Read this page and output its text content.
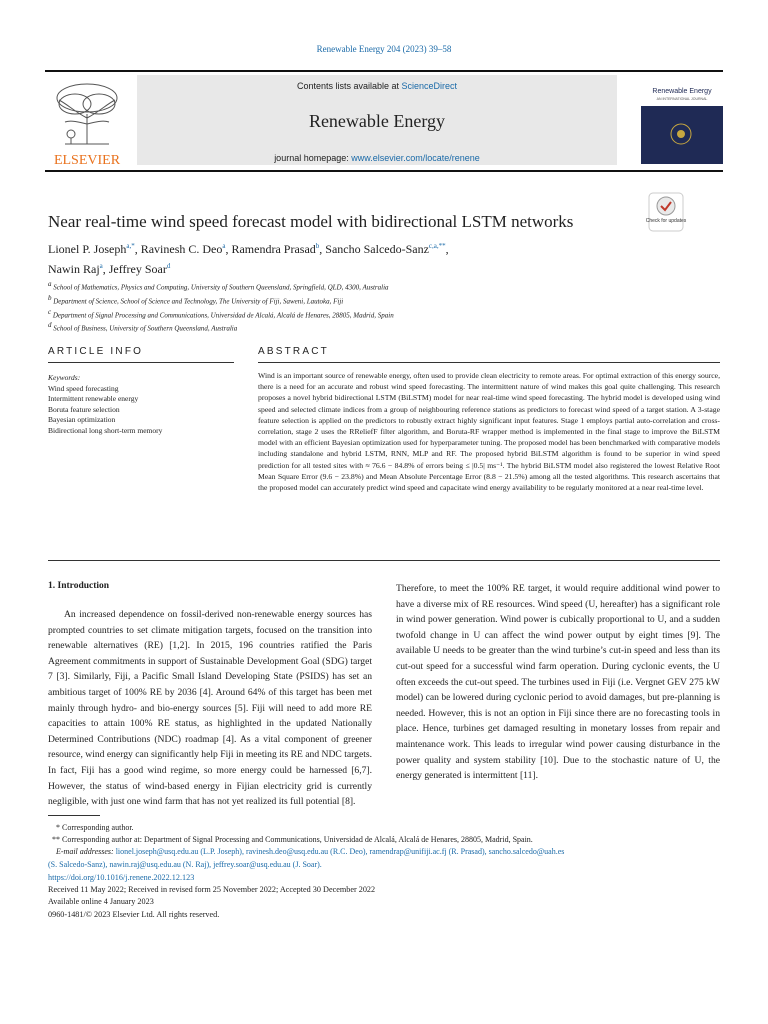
Renewable Energy 204 (2023) 39–58
ELSEVIER
Contents lists available at ScienceDirect
Renewable Energy
journal homepage: www.elsevier.com/locate/renene
Renewable Energy
AN INTERNATIONAL JOURNAL
Check for updates
Near real-time wind speed forecast model with bidirectional LSTM networks
Lionel P. Joseph$^{a,*}$, Ravinesh C. Deo$^a$, Ramendra Prasad$^b$, Sancho Salcedo-Sanz$^{c,a,**}$,
Nawin Raj$^a$, Jeffrey Soar$^d$
$^a$ School of Mathematics, Physics and Computing, University of Southern Queensland, Springfield, QLD, 4300, Australia
$^b$ Department of Science, School of Science and Technology, The University of Fiji, Saweni, Lautoka, Fiji
$^c$ Department of Signal Processing and Communications, Universidad de Alcalá, Alcalá de Henares, 28805, Madrid, Spain
$^d$ School of Business, University of Southern Queensland, Australia
ARTICLE INFO	ABSTRACT
Keywords:
Wind speed forecasting
Intermittent renewable energy
Boruta feature selection
Bayesian optimization
Bidirectional long short-term memory
Wind is an important source of renewable energy, often used to provide clean electricity to remote areas. For optimal extraction of this energy source, there is a need for an accurate and robust wind speed forecasting. The intermittent nature of wind makes this goal quite challenging. This research proposes a novel hybrid bidirectional LSTM (BiLSTM) model for near real-time wind speed forecasting. The hybrid model is developed using wind speed and selected climate indices from a group of neighbouring reference stations as predictors to forecast wind speed of a target station. A 3-stage feature selection is applied on the predictors to robustly extract highly significant input features. Stage 1 employs partial auto-correlation and cross-correlation, stage 2 uses the RReliefF filter algorithm, and Boruta-RF wrapper method is implemented in the final stage to improve the BiLSTM model with an efficient Bayesian optimization used for hyperparameter tuning. The proposed model has been benchmarked with comparative models including standalone and hybrid LSTM, RNN, MLP and RF. The proposed hybrid BiLSTM algorithm is found to be superior in wind speed prediction for all tested sites with ≈ 76.6 − 84.8% of errors being ≤ |0.5| ms⁻¹. The hybrid BiLSTM model also registered the lowest Relative Root Mean Square Error (9.6 − 23.8%) and Mean Absolute Percentage Error (8.8 − 21.5%) among all the tested algorithms. This research ascertains that the proposed model can accurately predict wind speed and capacitate wind energy availability to be regularly monitored at a near real-time level.
1. Introduction

An increased dependence on fossil-derived non-renewable energy sources has prompted countries to set climate mitigation targets, focused on the transition into renewable alternatives (RE) [1,2]. In 2015, 196 countries ratified the Paris Agreement commitments in support of Sustainable Development Goal (SDG) target 7 [3]. Similarly, Fiji, a Pacific Small Island Developing State (PSIDS) has set an ambitious target of 100% RE by 2036 [4]. Around 64% of this target has been met mainly through hydro- and bio-energy sources [5]. Fiji will need to add more RE capacities to attain 100% RE status, as highlighted in the updated Nationally Determined Contributions (NDC) roadmap [4]. As a vital component of greener resource, wind energy can significantly help Fiji in meeting its RE and NDC targets. In fact, Fiji has a good wind regime, so more energy could be harnessed [6,7]. However, the status of wind-based energy in Fijian electricity grid is currently negligible, with just one wind farm that has not yet realized its full potential [8].

Therefore, to meet the 100% RE target, it would require additional wind power to have a diverse mix of RE resources. Wind speed (U, hereafter) has a significant role in wind power generation. Wind power is cubically proportional to U, and a sudden twofold change in U can affect the wind power output by eight times [9]. The available U needs to be greater than the wind turbine’s cut-in speed and less than its cut-out speed for a successful wind farm operation. During cyclonic events, the U often exceeds the cut-out speed. The turbines used in Fiji (i.e. Vergnet GEV 275 kW model) can be lowered during cyclonic period to avoid damages, but pre-planning is needed. However, this is not an option in Fiji since there are no forecasting tools in place. Hence, turbines get damaged resulting in monetary losses from repair and maintenance work. This leads to irregular wind power causing disturbance in the power quality and system stability [10]. Due to the stochastic nature of U, the energy generated is intermittent [11].

* Corresponding author.
** Corresponding author at: Department of Signal Processing and Communications, Universidad de Alcalá, Alcalá de Henares, 28805, Madrid, Spain.
E-mail addresses: lionel.joseph@usq.edu.au (L.P. Joseph), ravinesh.deo@usq.edu.au (R.C. Deo), ramendrap@unifiji.ac.fj (R. Prasad), sancho.salcedo@uah.es
(S. Salcedo-Sanz), nawin.raj@usq.edu.au (N. Raj), jeffrey.soar@usq.edu.au (J. Soar).
https://doi.org/10.1016/j.renene.2022.12.123
Received 11 May 2022; Received in revised form 25 November 2022; Accepted 30 December 2022
Available online 4 January 2023
0960-1481/© 2023 Elsevier Ltd. All rights reserved.
